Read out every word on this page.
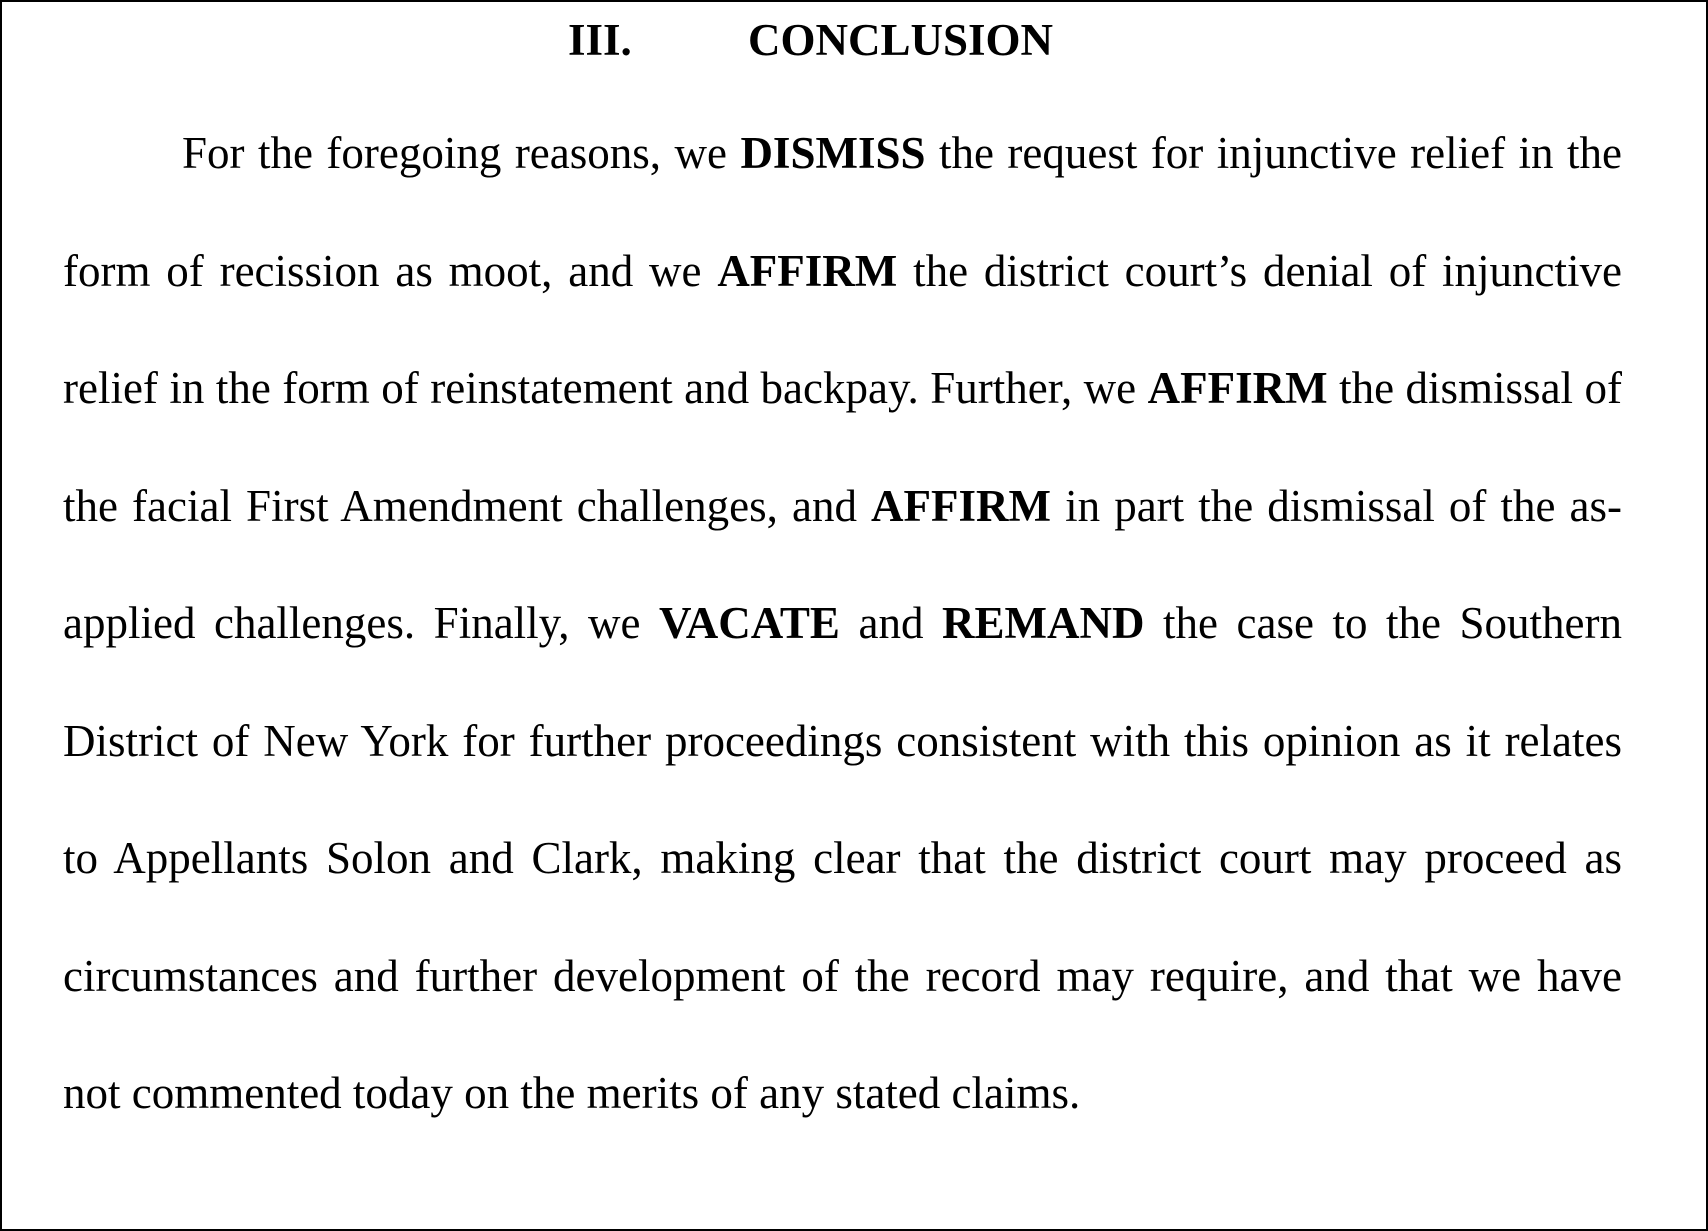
III.	CONCLUSION

For the foregoing reasons, we DISMISS the request for injunctive relief in the form of recission as moot, and we AFFIRM the district court’s denial of injunctive relief in the form of reinstatement and backpay. Further, we AFFIRM the dismissal of the facial First Amendment challenges, and AFFIRM in part the dismissal of the as-applied challenges. Finally, we VACATE and REMAND the case to the Southern District of New York for further proceedings consistent with this opinion as it relates to Appellants Solon and Clark, making clear that the district court may proceed as circumstances and further development of the record may require, and that we have not commented today on the merits of any stated claims.
